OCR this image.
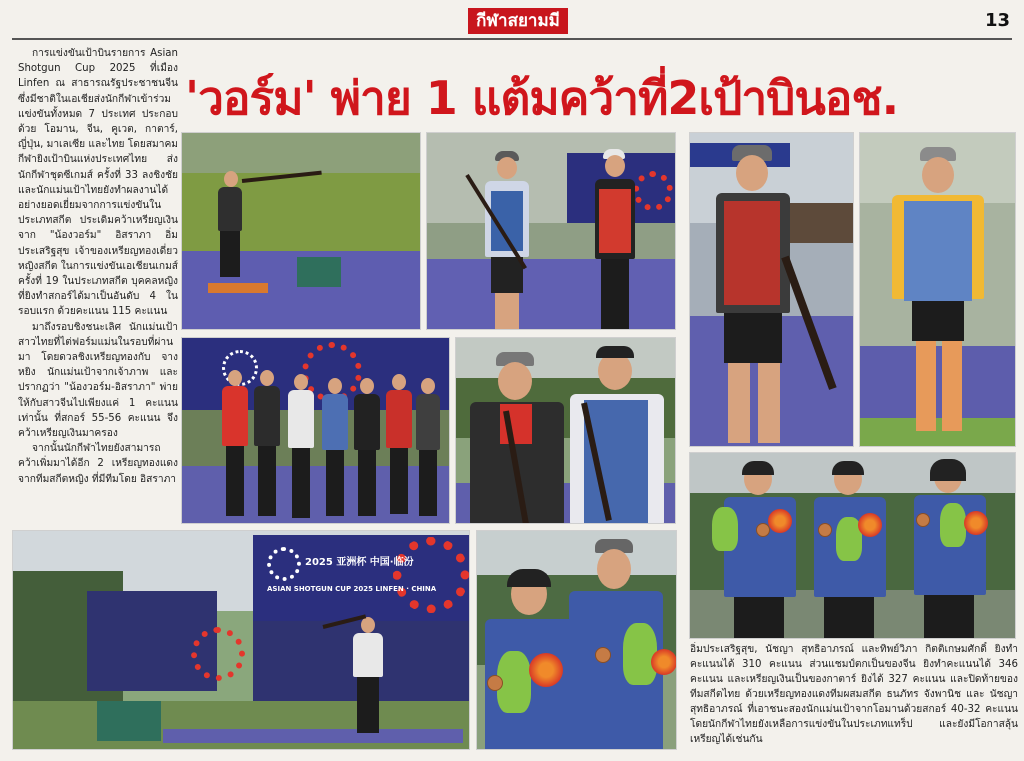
กีฬาสยามมี	13
'วอร์ม' พ่าย 1 แต้มคว้าที่2เป้าบินอช.

การแข่งขันเป้าบินรายการ Asian Shotgun Cup 2025 ที่เมือง Linfen ณ สาธารณรัฐประชาชนจีน ซึ่งมีชาติในเอเชียส่งนักกีฬาเข้าร่วมแข่งขันทั้งหมด 7 ประเทศ ประกอบด้วย โอมาน, จีน, คูเวต, กาตาร์, ญี่ปุ่น, มาเลเซีย และไทย โดยสมาคมกีฬายิงเป้าบินแห่งประเทศไทย ส่งนักกีฬาชุดซีเกมส์ ครั้งที่ 33 ลงชิงชัย และนักแม่นเป้าไทยยังทำผลงานได้อย่างยอดเยี่ยมจากการแข่งขันในประเภทสกีต ประเดิมคว้าเหรียญเงินจาก "น้องวอร์ม" อิสราภา อิ่มประเสริฐสุข เจ้าของเหรียญทองเดี่ยวหญิงสกีต ในการแข่งขันเอเชียนเกมส์ ครั้งที่ 19 ในประเภทสกีต บุคคลหญิง ที่ยิงทำสกอร์ได้มาเป็นอันดับ 4 ในรอบแรก ด้วยคะแนน 115 คะแนน

มาถึงรอบชิงชนะเลิศ นักแม่นเป้าสาวไทยที่ไต่ฟอร์มแม่นในรอบที่ผ่านมา โดยดวลชิงเหรียญทองกับ จาง หยิง นักแม่นเป้าจากเจ้าภาพ และปรากฏว่า "น้องวอร์ม-อิสราภา" พ่ายให้กับสาวจีนไปเพียงแค่ 1 คะแนนเท่านั้น ที่สกอร์ 55-56 คะแนน จึงคว้าเหรียญเงินมาครอง

จากนั้นนักกีฬาไทยยังสามารถคว้าเพิ่มมาได้อีก 2 เหรียญทองแดงจากทีมสกีตหญิง ที่มีทีมโดย อิสราภา

2025 亚洲杯 中国·临汾
ASIAN SHOTGUN CUP 2025 LINFEN · CHINA
อิ่มประเสริฐสุข, นัชญา สุทธิอาภรณ์ และทิพย์วิภา กิตติเกษมศักดิ์ ยิงทำคะแนนได้ 310 คะแนน ส่วนแชมป์ตกเป็นของจีน ยิงทำคะแนนได้ 346 คะแนน และเหรียญเงินเป็นของกาตาร์ ยิงได้ 327 คะแนน และปิดท้ายของทีมสกีตไทย ด้วยเหรียญทองแดงทีมผสมสกีต ธนภัทร จังพานิช และ นัชญา สุทธิอาภรณ์ ที่เอาชนะสองนักแม่นเป้าจากโอมานด้วยสกอร์ 40-32 คะแนน โดยนักกีฬาไทยยังเหลือการแข่งขันในประเภทแทร็ป และยังมีโอกาสลุ้นเหรียญได้เช่นกัน
